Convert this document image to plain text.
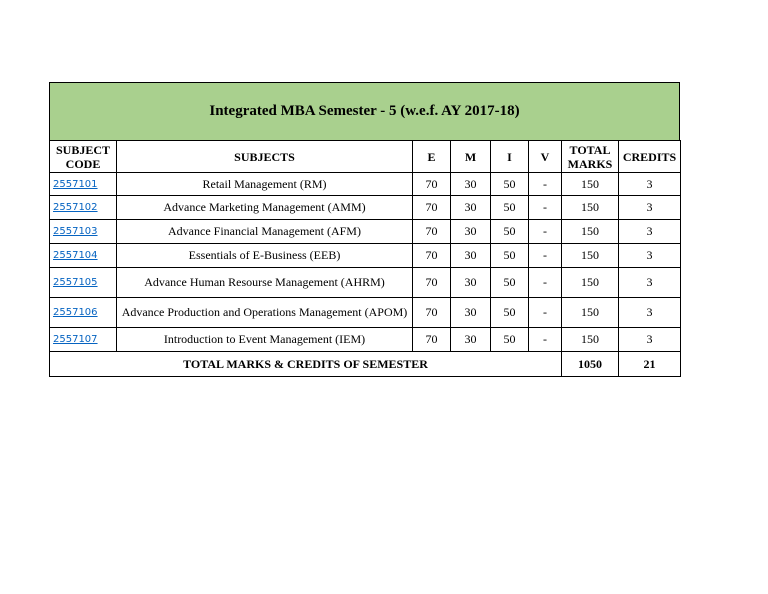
Integrated MBA Semester - 5 (w.e.f. AY 2017-18)
SUBJECT CODE	SUBJECTS	E	M	I	V	TOTAL MARKS	CREDITS
2557101	Retail Management (RM)	70	30	50	-	150	3
2557102	Advance Marketing Management (AMM)	70	30	50	-	150	3
2557103	Advance Financial Management (AFM)	70	30	50	-	150	3
2557104	Essentials of E-Business (EEB)	70	30	50	-	150	3
2557105	Advance Human Resourse Management (AHRM)	70	30	50	-	150	3
2557106	Advance Production and Operations Management (APOM)	70	30	50	-	150	3
2557107	Introduction to Event Management (IEM)	70	30	50	-	150	3
TOTAL MARKS & CREDITS OF SEMESTER						1050	21
